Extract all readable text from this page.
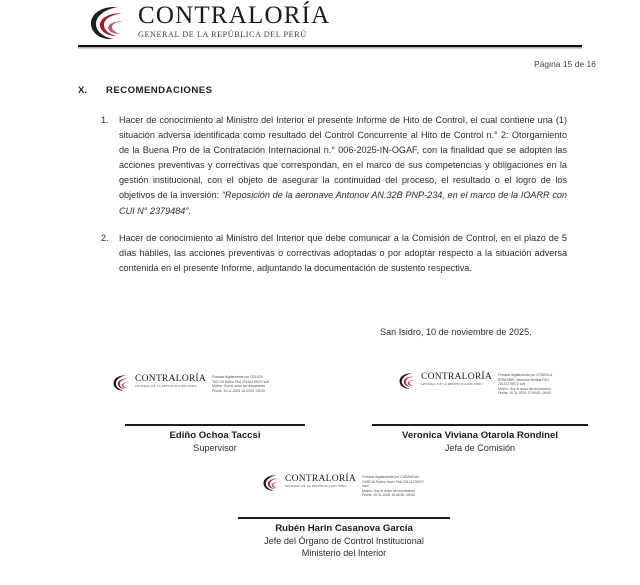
CONTRALORÍA
GENERAL DE LA REPÚBLICA DEL PERÚ
Página 15 de 16
X.	RECOMENDACIONES
1.	Hacer de conocimiento al Ministro del Interior el presente Informe de Hito de Control, el cual contiene una (1) situación adversa identificada como resultado del Control Concurrente al Hito de Control n.° 2: Otorgamiento de la Buena Pro de la Contratación Internacional n.° 006-2025-IN-OGAF, con la finalidad que se adopten las acciones preventivas y correctivas que correspondan, en el marco de sus competencias y obligaciones en la gestión institucional, con el objeto de asegurar la continuidad del proceso, el resultado o el logro de los objetivos de la inversión: “Reposición de la aeronave Antonov AN.32B PNP-234, en el marco de la IOARR con CUI N° 2379484”.
2.	Hacer de conocimiento al Ministro del Interior que debe comunicar a la Comisión de Control, en el plazo de 5 días hábiles, las acciones preventivas o correctivas adoptadas o por adoptar respecto a la situación adversa contenida en el presente Informe, adjuntando la documentación de sustento respectiva.
San Isidro, 10 de noviembre de 2025.
CONTRALORÍA
GENERAL DE LA REPÚBLICA DEL PERÚ
Firmado digitalmente por OCHOA
TACCSI Ediño FAU 20131378972 soft
Motivo: Soy el autor del documento
Fecha: 10-11-2025 18:03:01 -05:00
CONTRALORÍA
GENERAL DE LA REPÚBLICA DEL PERÚ
Firmado digitalmente por OTAROLA
RONDINEL Veronica Viviana FAU
20131378972 soft
Motivo: Soy el autor del documento
Fecha: 10-11-2025 17:56:53 -05:00
Ediño Ochoa Taccsi
Supervisor
Veronica Viviana Otarola Rondinel
Jefa de Comisión
CONTRALORÍA
GENERAL DE LA REPÚBLICA DEL PERÚ
Firmado digitalmente por CASANOVA
GARCIA Ruben Harin FAU 20131378972
hard
Motivo: Soy el autor del documento
Fecha: 10-11-2025 18:06:54 -05:00
Rubén Harin Casanova García
Jefe del Órgano de Control Institucional
Ministerio del Interior
